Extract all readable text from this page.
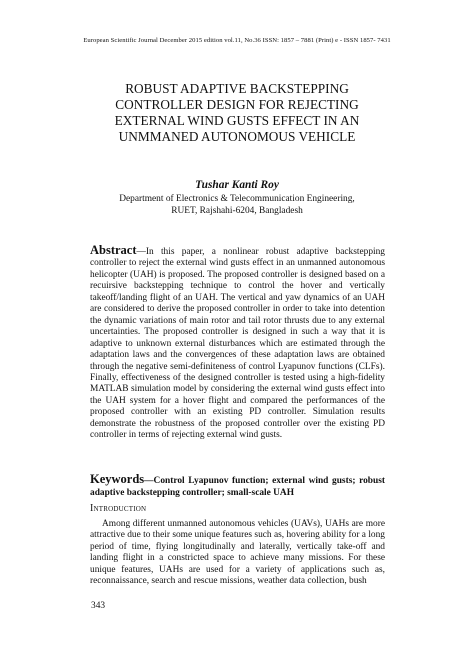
European Scientific Journal December 2015 edition vol.11, No.36 ISSN: 1857 – 7881 (Print) e - ISSN 1857- 7431
ROBUST ADAPTIVE BACKSTEPPING
CONTROLLER DESIGN FOR REJECTING
EXTERNAL WIND GUSTS EFFECT IN AN
UNMMANED AUTONOMOUS VEHICLE
Tushar Kanti Roy
Department of Electronics & Telecommunication Engineering,
RUET, Rajshahi-6204, Bangladesh

Abstract—In this paper, a nonlinear robust adaptive backstepping controller to reject the external wind gusts effect in an unmanned autonomous helicopter (UAH) is proposed. The proposed controller is designed based on a recuirsive backstepping technique to control the hover and vertically takeoff/landing flight of an UAH. The vertical and yaw dynamics of an UAH are considered to derive the proposed controller in order to take into detention the dynamic variations of main rotor and tail rotor thrusts due to any external uncertainties. The proposed controller is designed in such a way that it is adaptive to unknown external disturbances which are estimated through the adaptation laws and the convergences of these adaptation laws are obtained through the negative semi-definiteness of control Lyapunov functions (CLFs). Finally, effectiveness of the designed controller is tested using a high-fidelity MATLAB simulation model by considering the external wind gusts effect into the UAH system for a hover flight and compared the performances of the proposed controller with an existing PD controller. Simulation results demonstrate the robustness of the proposed controller over the existing PD controller in terms of rejecting external wind gusts.

Keywords—Control Lyapunov function; external wind gusts; robust adaptive backstepping controller; small-scale UAH

Introduction

Among different unmanned autonomous vehicles (UAVs), UAHs are more attractive due to their some unique features such as, hovering ability for a long period of time, flying longitudinally and laterally, vertically take-off and landing flight in a constricted space to achieve many missions. For these unique features, UAHs are used for a variety of applications such as, reconnaissance, search and rescue missions, weather data collection, bush

343
